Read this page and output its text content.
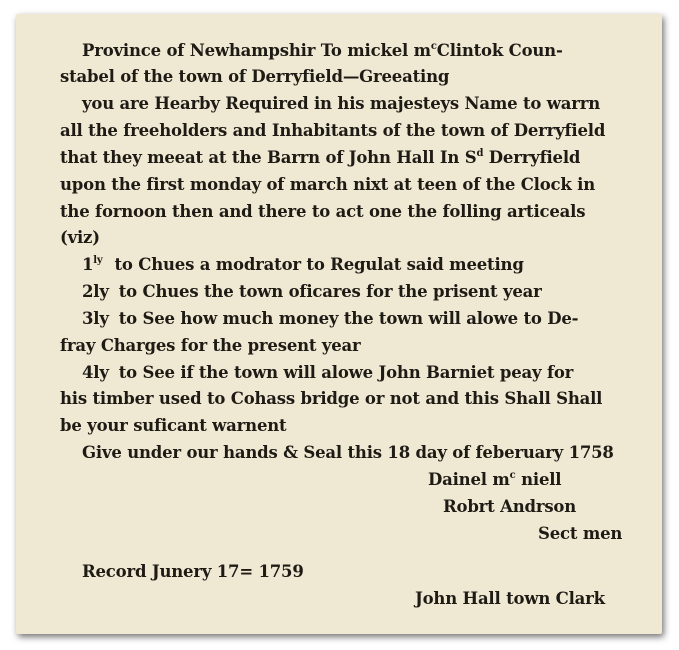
Province of Newhampshir To mickel $m^cClintok$ Coun-
stabel of the town of Derryfield—Greeating
you are Hearby Required in his majesteys Name to warrn
all the freeholders and Inhabitants of the town of Derryfield
that they meeat at the Barrn of John Hall In $S^d$ Derryfield
upon the first monday of march nixt at teen of the Clock in
the fornoon then and there to act one the folling articeals
(viz)
$1^{ly}$ to Chues a modrator to Regulat said meeting
2ly to Chues the town oficares for the prisent year
3ly to See how much money the town will alowe to De-
fray Charges for the present year
4ly to See if the town will alowe John Barniet peay for
his timber used to Cohass bridge or not and this Shall Shall
be your suficant warnent
Give under our hands & Seal this 18 day of feberuary 1758
Dainel $m^c$ niell
Robrt Andrson
Sect men
Record Junery 17= 1759
John Hall town Clark
